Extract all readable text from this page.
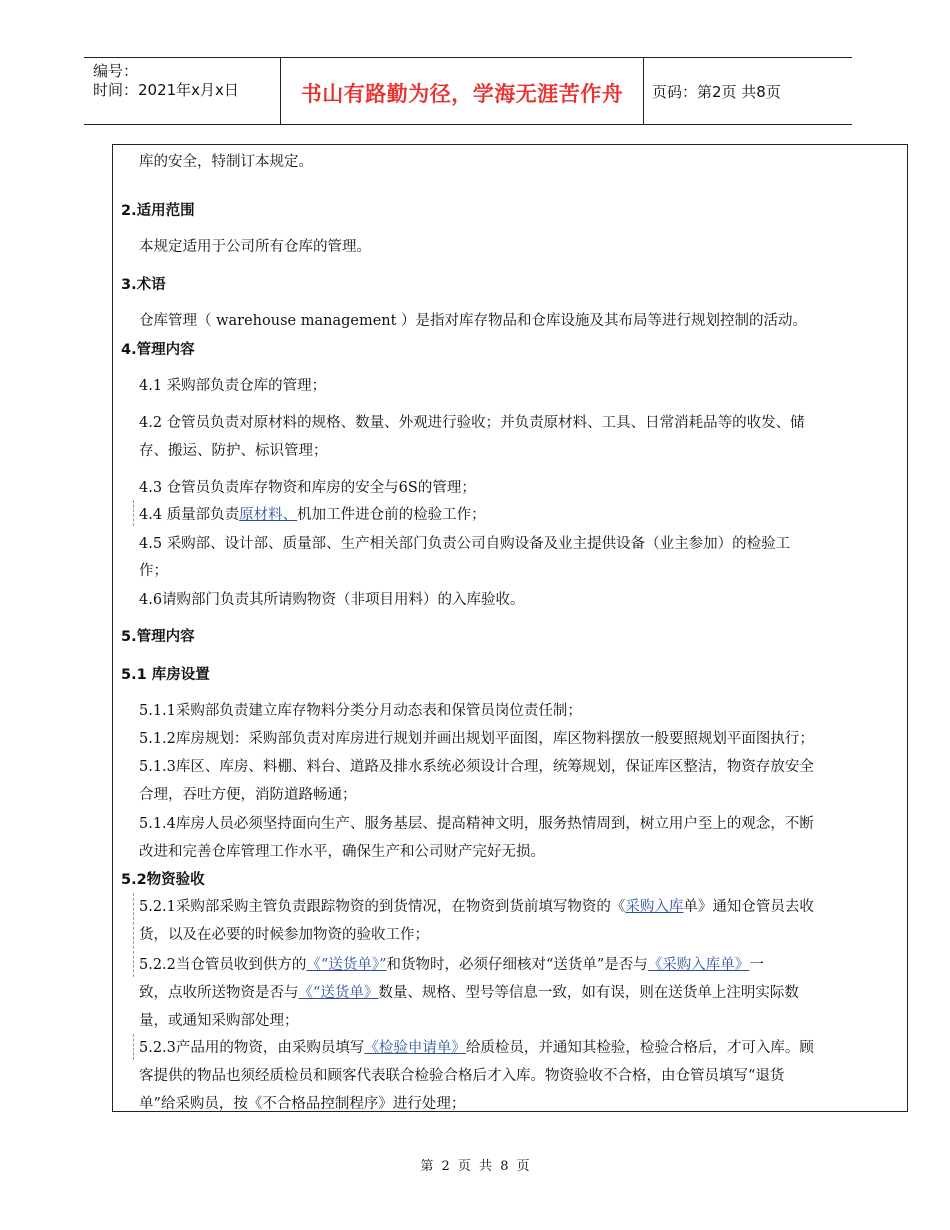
编号：
时间：2021年x月x日	书山有路勤为径，学海无涯苦作舟	页码：第2页 共8页
库的安全，特制订本规定。
2.适用范围
本规定适用于公司所有仓库的管理。
3.术语
仓库管理（ warehouse management ）是指对库存物品和仓库设施及其布局等进行规划控制的活动。
4.管理内容
4.1 采购部负责仓库的管理；
4.2 仓管员负责对原材料的规格、数量、外观进行验收；并负责原材料、工具、日常消耗品等的收发、储
存、搬运、防护、标识管理；
4.3 仓管员负责库存物资和库房的安全与6S的管理；
4.4 质量部负责原材料、机加工件进仓前的检验工作；
4.5 采购部、设计部、质量部、生产相关部门负责公司自购设备及业主提供设备（业主参加）的检验工
作；
4.6请购部门负责其所请购物资（非项目用料）的入库验收。
5.管理内容
5.1 库房设置
5.1.1采购部负责建立库存物料分类分月动态表和保管员岗位责任制；
5.1.2库房规划：采购部负责对库房进行规划并画出规划平面图，库区物料摆放一般要照规划平面图执行；
5.1.3库区、库房、料棚、料台、道路及排水系统必须设计合理，统筹规划，保证库区整洁，物资存放安全
合理，吞吐方便，消防道路畅通；
5.1.4库房人员必须坚持面向生产、服务基层、提高精神文明，服务热情周到，树立用户至上的观念，不断
改进和完善仓库管理工作水平，确保生产和公司财产完好无损。
5.2物资验收
5.2.1采购部采购主管负责跟踪物资的到货情况，在物资到货前填写物资的《采购入库单》通知仓管员去收
货，以及在必要的时候参加物资的验收工作；
5.2.2当仓管员收到供方的《“送货单》”和货物时，必须仔细核对“送货单”是否与《采购入库单》一
致，点收所送物资是否与《“送货单》数量、规格、型号等信息一致，如有误，则在送货单上注明实际数
量，或通知采购部处理；
5.2.3产品用的物资，由采购员填写《检验申请单》给质检员，并通知其检验，检验合格后，才可入库。顾
客提供的物品也须经质检员和顾客代表联合检验合格后才入库。物资验收不合格，由仓管员填写“退货
单”给采购员，按《不合格品控制程序》进行处理；
第 2 页 共 8 页
